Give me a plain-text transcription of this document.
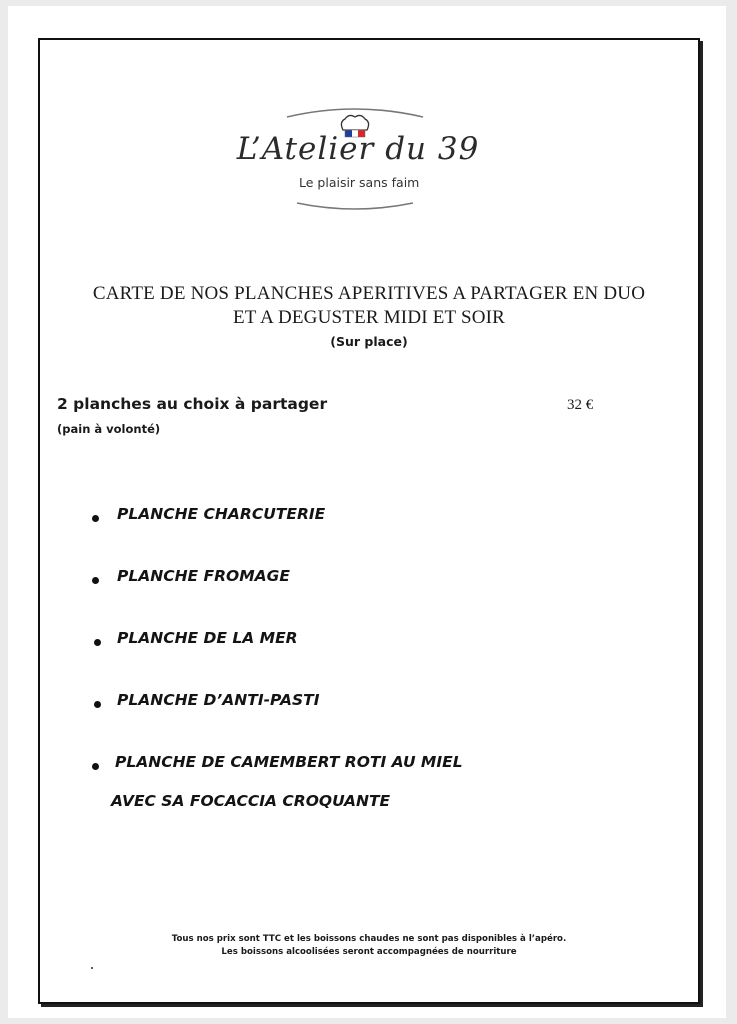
L’Atelier du 39
Le plaisir sans faim
CARTE DE NOS PLANCHES APERITIVES A PARTAGER EN DUO
ET A DEGUSTER MIDI ET SOIR
(Sur place)
2 planches au choix à partager	32 €
(pain à volonté)
PLANCHE CHARCUTERIE
PLANCHE FROMAGE
PLANCHE DE LA MER
PLANCHE D’ANTI-PASTI
PLANCHE DE CAMEMBERT ROTI AU MIEL
AVEC SA FOCACCIA CROQUANTE
Tous nos prix sont TTC et les boissons chaudes ne sont pas disponibles à l’apéro.
Les boissons alcoolisées seront accompagnées de nourriture
